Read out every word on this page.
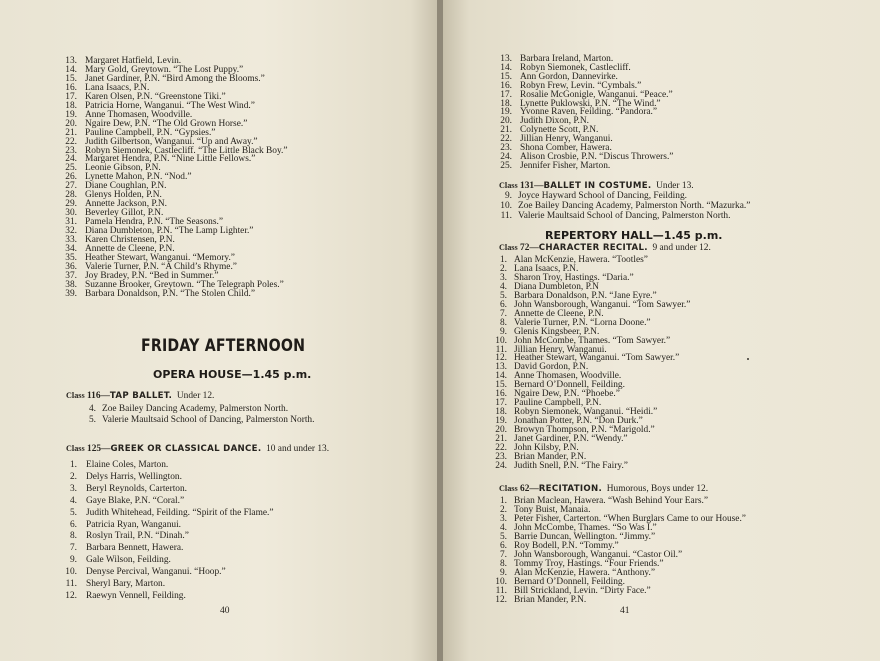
13. Margaret Hatfield, Levin.
14. Mary Gold, Greytown. “The Lost Puppy.”
15. Janet Gardiner, P.N. “Bird Among the Blooms.”
16. Lana Isaacs, P.N.
17. Karen Olsen, P.N. “Greenstone Tiki.”
18. Patricia Horne, Wanganui. “The West Wind.”
19. Anne Thomasen, Woodville.
20. Ngaire Dew, P.N. “The Old Grown Horse.”
21. Pauline Campbell, P.N. “Gypsies.”
22. Judith Gilbertson, Wanganui. “Up and Away.”
23. Robyn Siemonek, Castlecliff. “The Little Black Boy.”
24. Margaret Hendra, P.N. “Nine Little Fellows.”
25. Leonie Gibson, P.N.
26. Lynette Mahon, P.N. “Nod.”
27. Diane Coughlan, P.N.
28. Glenys Holden, P.N.
29. Annette Jackson, P.N.
30. Beverley Gillot, P.N.
31. Pamela Hendra, P.N. “The Seasons.”
32. Diana Dumbleton, P.N. “The Lamp Lighter.”
33. Karen Christensen, P.N.
34. Annette de Cleene, P.N.
35. Heather Stewart, Wanganui. “Memory.”
36. Valerie Turner, P.N. “A Child’s Rhyme.”
37. Joy Bradey, P.N. “Bed in Summer.”
38. Suzanne Brooker, Greytown. “The Telegraph Poles.”
39. Barbara Donaldson, P.N. “The Stolen Child.”
FRIDAY AFTERNOON
OPERA HOUSE—1.45 p.m.
Class 116—TAP BALLET. Under 12.
4. Zoe Bailey Dancing Academy, Palmerston North.
5. Valerie Maultsaid School of Dancing, Palmerston North.
Class 125—GREEK OR CLASSICAL DANCE. 10 and under 13.
1. Elaine Coles, Marton.
2. Delys Harris, Wellington.
3. Beryl Reynolds, Carterton.
4. Gaye Blake, P.N. “Coral.”
5. Judith Whitehead, Feilding. “Spirit of the Flame.”
6. Patricia Ryan, Wanganui.
8. Roslyn Trail, P.N. “Dinah.”
7. Barbara Bennett, Hawera.
9. Gale Wilson, Feilding.
10. Denyse Percival, Wanganui. “Hoop.”
11. Sheryl Bary, Marton.
12. Raewyn Vennell, Feilding.
40
13. Barbara Ireland, Marton.
14. Robyn Siemonek, Castlecliff.
15. Ann Gordon, Dannevirke.
16. Robyn Frew, Levin. “Cymbals.”
17. Rosalie McGonigle, Wanganui. “Peace.”
18. Lynette Puklowski, P.N. “The Wind.”
19. Yvonne Raven, Feilding. “Pandora.”
20. Judith Dixon, P.N.
21. Colynette Scott, P.N.
22. Jillian Henry, Wanganui.
23. Shona Comber, Hawera.
24. Alison Crosbie, P.N. “Discus Throwers.”
25. Jennifer Fisher, Marton.
Class 131—BALLET IN COSTUME. Under 13.
9. Joyce Hayward School of Dancing, Feilding.
10. Zoe Bailey Dancing Academy, Palmerston North. “Mazurka.”
11. Valerie Maultsaid School of Dancing, Palmerston North.
REPERTORY HALL—1.45 p.m.
Class 72—CHARACTER RECITAL. 9 and under 12.
1. Alan McKenzie, Hawera. “Tootles”
2. Lana Isaacs, P.N.
3. Sharon Troy, Hastings. “Daria.”
4. Diana Dumbleton, P.N
5. Barbara Donaldson, P.N. “Jane Eyre.”
6. John Wansborough, Wanganui. “Tom Sawyer.”
7. Annette de Cleene, P.N.
8. Valerie Turner, P.N. “Lorna Doone.”
9. Glenis Kingsbeer, P.N.
10. John McCombe, Thames. “Tom Sawyer.”
11. Jillian Henry, Wanganui.
12. Heather Stewart, Wanganui. “Tom Sawyer.”
13. David Gordon, P.N.
14. Anne Thomasen, Woodville.
15. Bernard O’Donnell, Feilding.
16. Ngaire Dew, P.N. “Phoebe.”
17. Pauline Campbell, P.N.
18. Robyn Siemonek, Wanganui. “Heidi.”
19. Jonathan Potter, P.N. “Don Durk.”
20. Browyn Thompson, P.N. “Marigold.”
21. Janet Gardiner, P.N. “Wendy.”
22. John Kilsby, P.N.
23. Brian Mander, P.N.
24. Judith Snell, P.N. “The Fairy.”
Class 62—RECITATION. Humorous, Boys under 12.
1. Brian Maclean, Hawera. “Wash Behind Your Ears.”
2. Tony Buist, Manaia.
3. Peter Fisher, Carterton. “When Burglars Came to our House.”
4. John McCombe, Thames. “So Was I.”
5. Barrie Duncan, Wellington. “Jimmy.”
6. Roy Bodell, P.N. “Tommy.”
7. John Wansborough, Wanganui. “Castor Oil.”
8. Tommy Troy, Hastings. “Four Friends.”
9. Alan McKenzie, Hawera. “Anthony.”
10. Bernard O’Donnell, Feilding.
11. Bill Strickland, Levin. “Dirty Face.”
12. Brian Mander, P.N.
41
